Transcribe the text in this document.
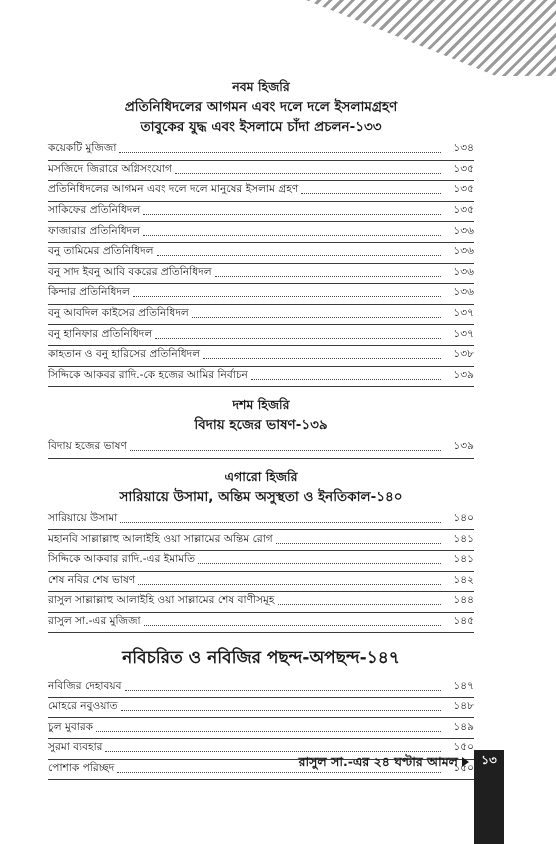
নবম হিজরি

প্রতিনিধিদলের আগমন এবং দলে দলে ইসলামগ্রহণ

তাবুকের যুদ্ধ এবং ইসলামে চাঁদা প্রচলন-১৩৩

কয়েকটি মুজিজা	১৩৪
মসজিদে জিরারে অগ্নিসংযোগ	১৩৫
প্রতিনিধিদলের আগমন এবং দলে দলে মানুষের ইসলাম গ্রহণ	১৩৫
সাকিফের প্রতিনিধিদল	১৩৫
ফাজারার প্রতিনিধিদল	১৩৬
বনু তামিমের প্রতিনিধিদল	১৩৬
বনু সাদ ইবনু আবি বকরের প্রতিনিধিদল	১৩৬
কিন্দার প্রতিনিধিদল	১৩৬
বনু আবদিল কাইসের প্রতিনিধিদল	১৩৭
বনু হানিফার প্রতিনিধিদল	১৩৭
কাহতান ও বনু হারিসের প্রতিনিধিদল	১৩৮
সিদ্দিকে আকবর রাদি.-কে হজের আমির নির্বাচন	১৩৯

দশম হিজরি

বিদায় হজের ভাষণ-১৩৯

বিদায় হজের ভাষণ	১৩৯

এগারো হিজরি

সারিয়ায়ে উসামা, অন্তিম অসুস্থতা ও ইনতিকাল-১৪০

সারিয়ায়ে উসামা	১৪০
মহানবি সাল্লাল্লাহু আলাইহি ওয়া সাল্লামের অন্তিম রোগ	১৪১
সিদ্দিকে আকবার রাদি.-এর ইমামতি	১৪১
শেষ নবির শেষ ভাষণ	১৪২
রাসুল সাল্লাল্লাহু আলাইহি ওয়া সাল্লামের শেষ বাণীসমূহ	১৪৪
রাসুল সা.-এর মুজিজা	১৪৫

নবিচরিত ও নবিজির পছন্দ-অপছন্দ-১৪৭

নবিজির দেহাবয়ব	১৪৭
মোহরে নবুওয়াত	১৪৮
চুল মুবারক	১৪৯
সুরমা ব্যবহার	১৫০
পোশাক পরিচ্ছদ	১৫০
রাসুল সা.-এর ২৪ ঘণ্টার আমল	১৩
